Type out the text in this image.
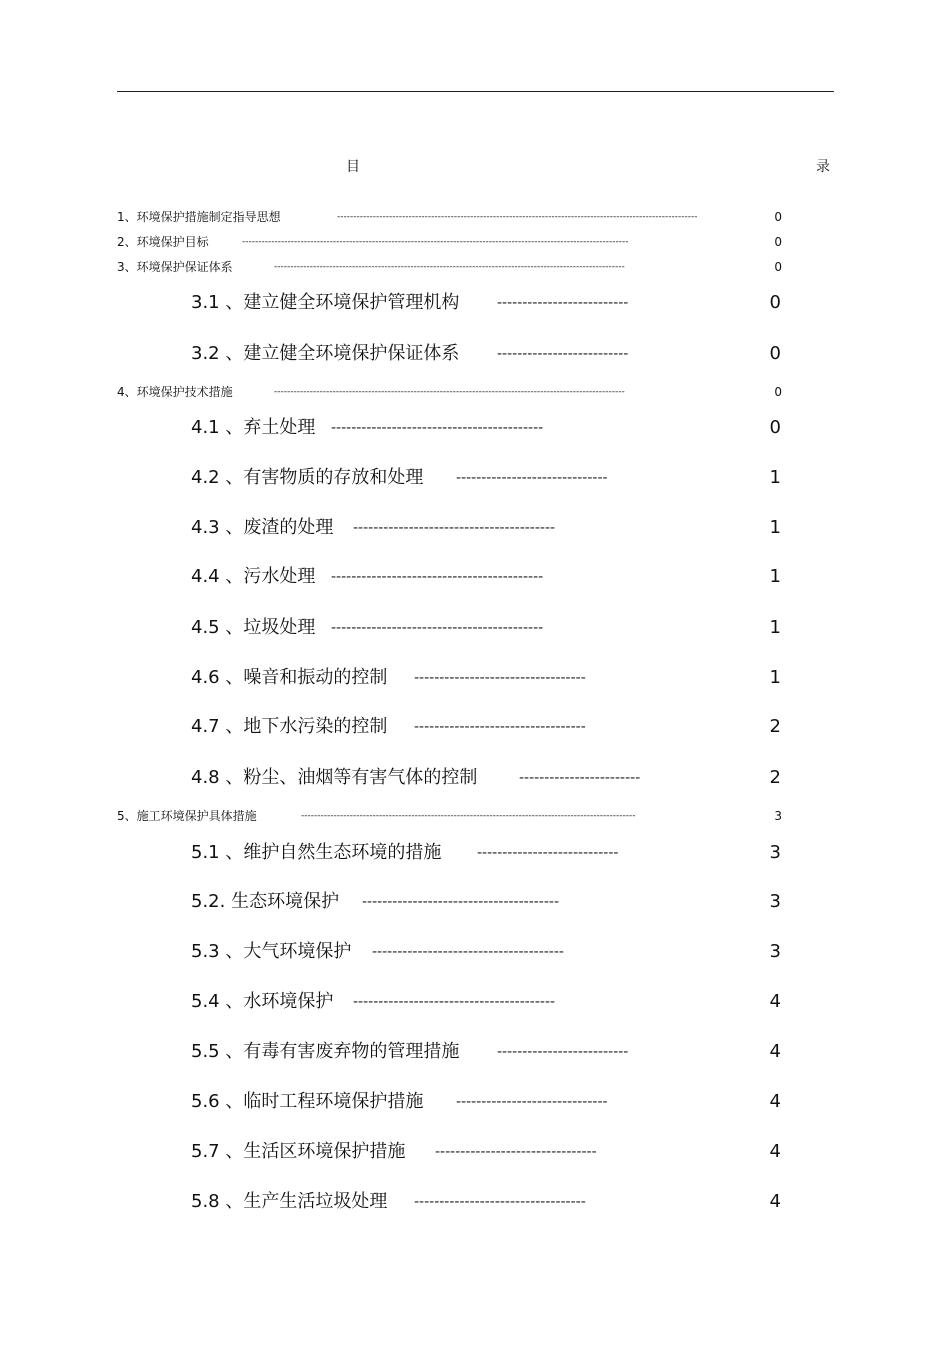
目	录
1、环境保护措施制定指导思想	---------------------------------------------------------------------------------------------------------------	0
2、环境保护目标	-----------------------------------------------------------------------------------------------------------------------	0
3、环境保护保证体系	------------------------------------------------------------------------------------------------------------	0
3.1 、建立健全环境保护管理机构	--------------------------	0
3.2 、建立健全环境保护保证体系	--------------------------	0
4、环境保护技术措施	------------------------------------------------------------------------------------------------------------	0
4.1 、弃土处理 ------------------------------------------	0
4.2 、有害物质的存放和处理 ------------------------------	1
4.3 、废渣的处理 ----------------------------------------	1
4.4 、污水处理 ------------------------------------------	1
4.5 、垃圾处理 ------------------------------------------	1
4.6 、噪音和振动的控制 ----------------------------------	1
4.7 、地下水污染的控制 ----------------------------------	2
4.8 、粉尘、油烟等有害气体的控制	------------------------	2
5、施工环境保护具体措施	-------------------------------------------------------------------------------------------------------	3
5.1 、维护自然生态环境的措施	----------------------------	3
5.2. 生态环境保护 ---------------------------------------	3
5.3 、大气环境保护 --------------------------------------	3
5.4 、水环境保护 ----------------------------------------	4
5.5 、有毒有害废弃物的管理措施	--------------------------	4
5.6 、临时工程环境保护措施 ------------------------------	4
5.7 、生活区环境保护措施 --------------------------------	4
5.8 、生产生活垃圾处理 ----------------------------------	4
